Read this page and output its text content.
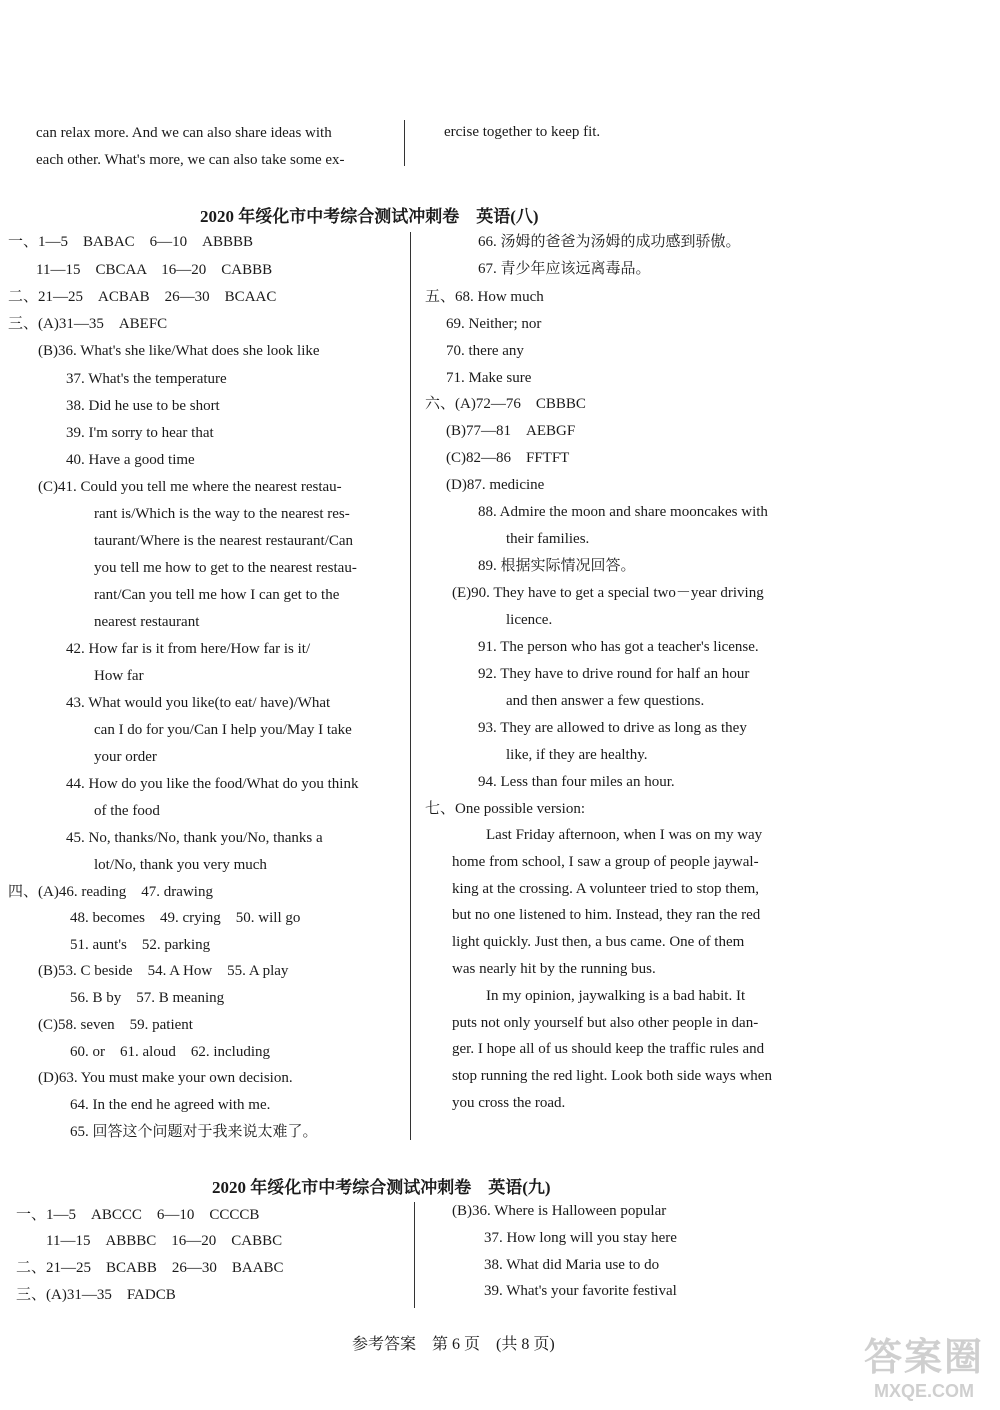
can relax more. And we can also share ideas with
each other. What's more, we can also take some ex-
ercise together to keep fit.
2020 年绥化市中考综合测试冲刺卷　英语(八)
一、1—5　BABAC　6—10　ABBBB
11—15　CBCAA　16—20　CABBB
二、21—25　ACBAB　26—30　BCAAC
三、(A)31—35　ABEFC
(B)36. What's she like/What does she look like
37. What's the temperature
38. Did he use to be short
39. I'm sorry to hear that
40. Have a good time
(C)41. Could you tell me where the nearest restau-
rant is/Which is the way to the nearest res-
taurant/Where is the nearest restaurant/Can
you tell me how to get to the nearest restau-
rant/Can you tell me how I can get to the
nearest restaurant
42. How far is it from here/How far is it/
How far
43. What would you like(to eat/ have)/What
can I do for you/Can I help you/May I take
your order
44. How do you like the food/What do you think
of the food
45. No, thanks/No, thank you/No, thanks a
lot/No, thank you very much
四、(A)46. reading　47. drawing
48. becomes　49. crying　50. will go
51. aunt's　52. parking
(B)53. C beside　54. A How　55. A play
56. B by　57. B meaning
(C)58. seven　59. patient
60. or　61. aloud　62. including
(D)63. You must make your own decision.
64. In the end he agreed with me.
65. 回答这个问题对于我来说太难了。
66. 汤姆的爸爸为汤姆的成功感到骄傲。
67. 青少年应该远离毒品。
五、68. How much
69. Neither; nor
70. there any
71. Make sure
六、(A)72—76　CBBBC
(B)77—81　AEBGF
(C)82—86　FFTFT
(D)87. medicine
88. Admire the moon and share mooncakes with
their families.
89. 根据实际情况回答。
(E)90. They have to get a special two－year driving
licence.
91. The person who has got a teacher's license.
92. They have to drive round for half an hour
and then answer a few questions.
93. They are allowed to drive as long as they
like, if they are healthy.
94. Less than four miles an hour.
七、One possible version:
Last Friday afternoon, when I was on my way
home from school, I saw a group of people jaywal-
king at the crossing. A volunteer tried to stop them,
but no one listened to him. Instead, they ran the red
light quickly. Just then, a bus came. One of them
was nearly hit by the running bus.
In my opinion, jaywalking is a bad habit. It
puts not only yourself but also other people in dan-
ger. I hope all of us should keep the traffic rules and
stop running the red light. Look both side ways when
you cross the road.
2020 年绥化市中考综合测试冲刺卷　英语(九)
一、1—5　ABCCC　6—10　CCCCB
11—15　ABBBC　16—20　CABBC
二、21—25　BCABB　26—30　BAABC
三、(A)31—35　FADCB
(B)36. Where is Halloween popular
37. How long will you stay here
38. What did Maria use to do
39. What's your favorite festival
参考答案　第 6 页　(共 8 页)	答案圈
MXQE.COM
